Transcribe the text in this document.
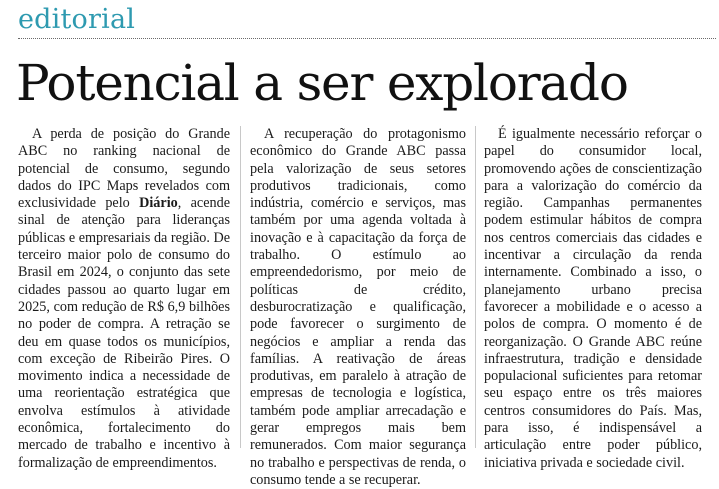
editorial
Potencial a ser explorado

A perda de posição do Grande ABC no ranking nacional de potencial de consumo, segundo dados do IPC Maps revelados com exclusividade pelo Diário, acende sinal de atenção para lideranças públicas e empresariais da região. De terceiro maior polo de consumo do Brasil em 2024, o conjunto das sete cidades passou ao quarto lugar em 2025, com redução de R$ 6,9 bilhões no poder de compra. A retração se deu em quase todos os municípios, com exceção de Ribeirão Pires. O movimento indica a necessidade de uma reorientação estratégica que envolva estímulos à atividade econômica, fortalecimento do mercado de trabalho e incentivo à formalização de empreendimentos.

A recuperação do protagonismo econômico do Grande ABC passa pela valorização de seus setores produtivos tradicionais, como indústria, comércio e serviços, mas também por uma agenda voltada à inovação e à capacitação da força de trabalho. O estímulo ao empreendedorismo, por meio de políticas de crédito, desburocratização e qualificação, pode favorecer o surgimento de negócios e ampliar a renda das famílias. A reativação de áreas produtivas, em paralelo à atração de empresas de tecnologia e logística, também pode ampliar arrecadação e gerar empregos mais bem remunerados. Com maior segurança no trabalho e perspectivas de renda, o consumo tende a se recuperar.

É igualmente necessário reforçar o papel do consumidor local, promovendo ações de conscientização para a valorização do comércio da região. Campanhas permanentes podem estimular hábitos de compra nos centros comerciais das cidades e incentivar a circulação da renda internamente. Combinado a isso, o planejamento urbano precisa favorecer a mobilidade e o acesso a polos de compra. O momento é de reorganização. O Grande ABC reúne infraestrutura, tradição e densidade populacional suficientes para retomar seu espaço entre os três maiores centros consumidores do País. Mas, para isso, é indispensável a articulação entre poder público, iniciativa privada e sociedade civil.
